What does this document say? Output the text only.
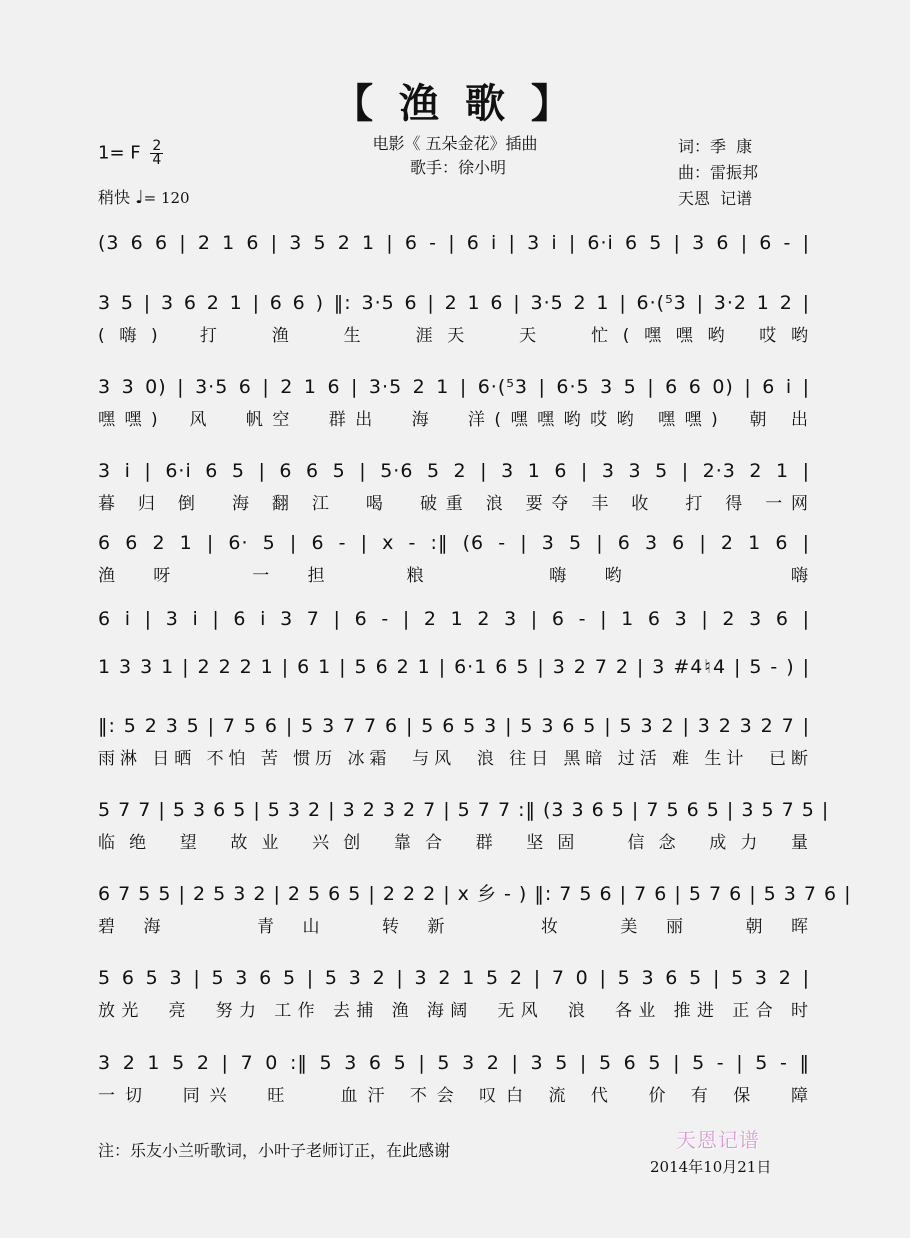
【 渔 歌 】
1= F $\frac{2}{4}$
稍快 ♩= 120
电影《 五朵金花》插曲
歌手：徐小明
词：季  康
曲：雷振邦
天恩  记谱
(3 6 6 | 2 1 6 | 3 5 2 1 | 6 - | 6 i | 3 i | 6·i 6 5 | 3 6 | 6 - |
3 5 | 3 6 2 1 | 6 6 ) ‖: 3·5 6 | 2 1 6 | 3·5 2 1 | 6·(⁵3 | 3·2 1 2 |
(嗨)  打  渔  生  涯天  天  忙(嘿嘿哟 哎哟
3 3 0) | 3·5 6 | 2 1 6 | 3·5 2 1 | 6·(⁵3 | 6·5 3 5 | 6 6 0) | 6 i |
嘿嘿)  风  帆空  群出  海  洋(嘿嘿哟哎哟 嘿嘿)  朝 出
3 i | 6·i 6 5 | 6 6 5 | 5·6 5 2 | 3 1 6 | 3 3 5 | 2·3 2 1 |
暮 归 倒  海 翻 江  喝  破重 浪 要夺 丰 收  打 得 一网
6 6 2 1 | 6· 5 | 6 - | x - :‖ (6 - | 3 5 | 6 3 6 | 2 1 6 |
渔呀 一担 粮  嗨哟   嗨
6 i | 3 i | 6 i 3 7 | 6 - | 2 1 2 3 | 6 - | 1 6 3 | 2 3 6 |
1 3 3 1 | 2 2 2 1 | 6 1 | 5 6 2 1 | 6·1 6 5 | 3 2 7 2 | 3 #4♮4 | 5 - ) |
‖: 5 2 3 5 | 7 5 6 | 5 3 7 7 6 | 5 6 5 3 | 5 3 6 5 | 5 3 2 | 3 2 3 2 7 |
雨淋 日晒 不怕 苦 惯历 冰霜  与风  浪 往日 黑暗 过活 难 生计  已断
5 7 7 | 5 3 6 5 | 5 3 2 | 3 2 3 2 7 | 5 7 7 :‖ (3 3 6 5 | 7 5 6 5 | 3 5 7 5 |
临绝 望 故业 兴创 靠合 群 坚固  信念 成力 量
6 7 5 5 | 2 5 3 2 | 2 5 6 5 | 2 2 2 | x 乡 - ) ‖: 7 5 6 | 7 6 | 5 7 6 | 5 3 7 6 |
碧海  青山 转新  妆 美丽 朝晖
5 6 5 3 | 5 3 6 5 | 5 3 2 | 3 2 1 5 2 | 7 0 | 5 3 6 5 | 5 3 2 |
放光  亮  努力 工作 去捕 渔 海阔  无风  浪  各业 推进 正合 时
3 2 1 5 2 | 7 0 :‖ 5 3 6 5 | 5 3 2 | 3 5 | 5 6 5 | 5 - | 5 - ‖
一切  同兴  旺   血汗 不会 叹白 流 代  价 有 保  障
注：乐友小兰听歌词，小叶子老师订正，在此感谢	天恩记谱
2014年10月21日
